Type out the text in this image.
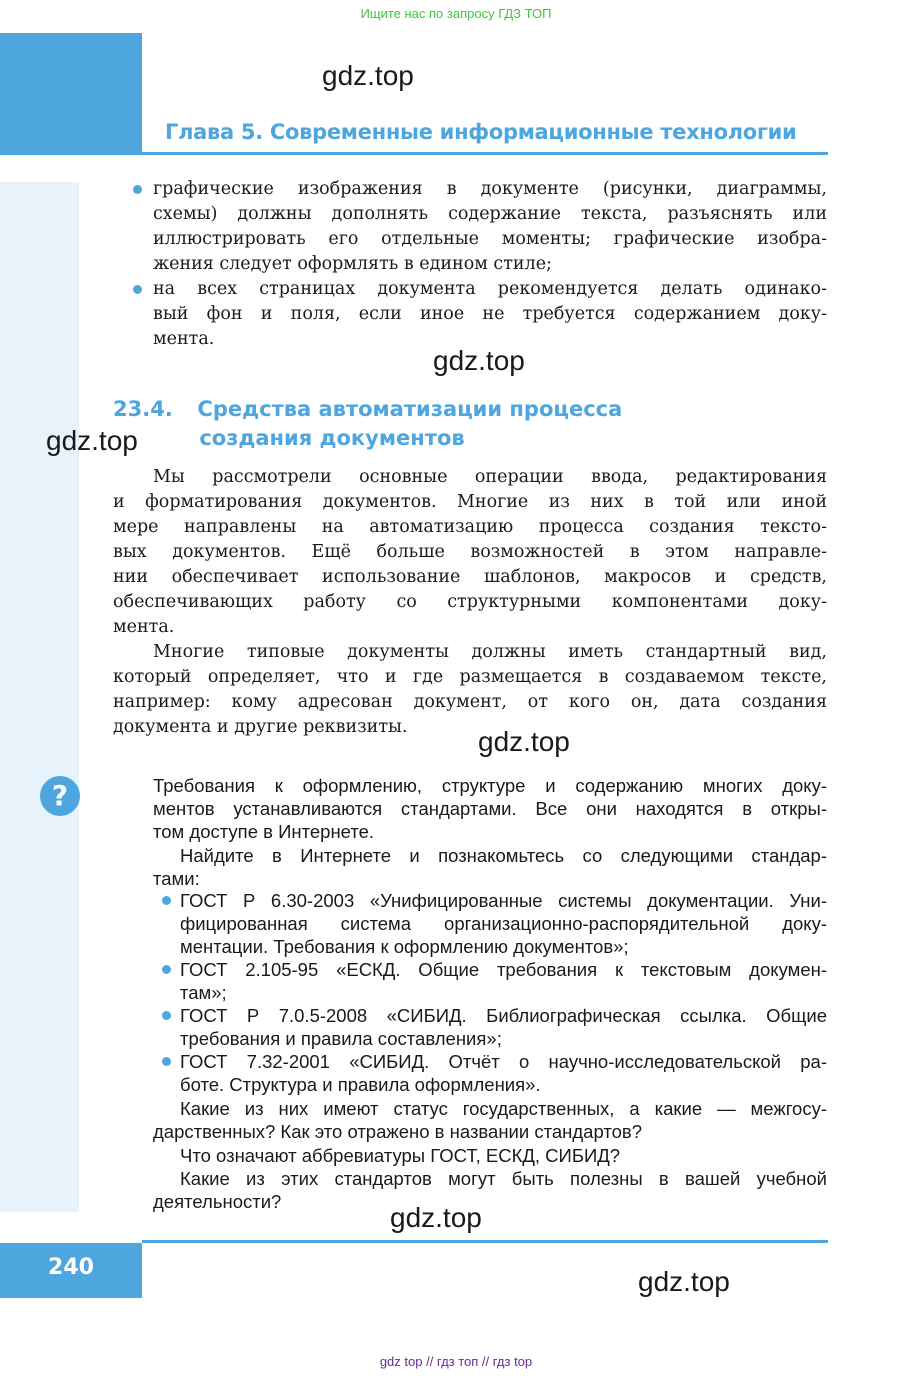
Ищите нас по запросу ГДЗ ТОП
Глава 5. Современные информационные технологии
gdz.top
gdz.top
gdz.top
gdz.top
gdz.top
gdz.top
графические изображения в документе (рисунки, диаграммы,
схемы) должны дополнять содержание текста, разъяснять или
иллюстрировать его отдельные моменты; графические изобра-
жения следует оформлять в едином стиле;
на всех страницах документа рекомендуется делать одинако-
вый фон и поля, если иное не требуется содержанием доку-
мента.
23.4. Средства автоматизации процесса
создания документов
Мы рассмотрели основные операции ввода, редактирования
и форматирования документов. Многие из них в той или иной
мере направлены на автоматизацию процесса создания тексто-
вых документов. Ещё больше возможностей в этом направле-
нии обеспечивает использование шаблонов, макросов и средств,
обеспечивающих работу со структурными компонентами доку-
мента.
Многие типовые документы должны иметь стандартный вид,
который определяет, что и где размещается в создаваемом тексте,
например: кому адресован документ, от кого он, дата создания
документа и другие реквизиты.
?	Требования к оформлению, структуре и содержанию многих доку-
ментов устанавливаются стандартами. Все они находятся в откры-
том доступе в Интернете.
Найдите в Интернете и познакомьтесь со следующими стандар-
тами:
ГОСТ Р 6.30-2003 «Унифицированные системы документации. Уни-
фицированная система организационно-распорядительной доку-
ментации. Требования к оформлению документов»;
ГОСТ 2.105-95 «ЕСКД. Общие требования к текстовым докумен-
там»;
ГОСТ Р 7.0.5-2008 «СИБИД. Библиографическая ссылка. Общие
требования и правила составления»;
ГОСТ 7.32-2001 «СИБИД. Отчёт о научно-исследовательской ра-
боте. Структура и правила оформления».
Какие из них имеют статус государственных, а какие — межгосу-
дарственных? Как это отражено в названии стандартов?
Что означают аббревиатуры ГОСТ, ЕСКД, СИБИД?
Какие из этих стандартов могут быть полезны в вашей учебной
деятельности?
240
gdz top // гдз топ // гдз top
